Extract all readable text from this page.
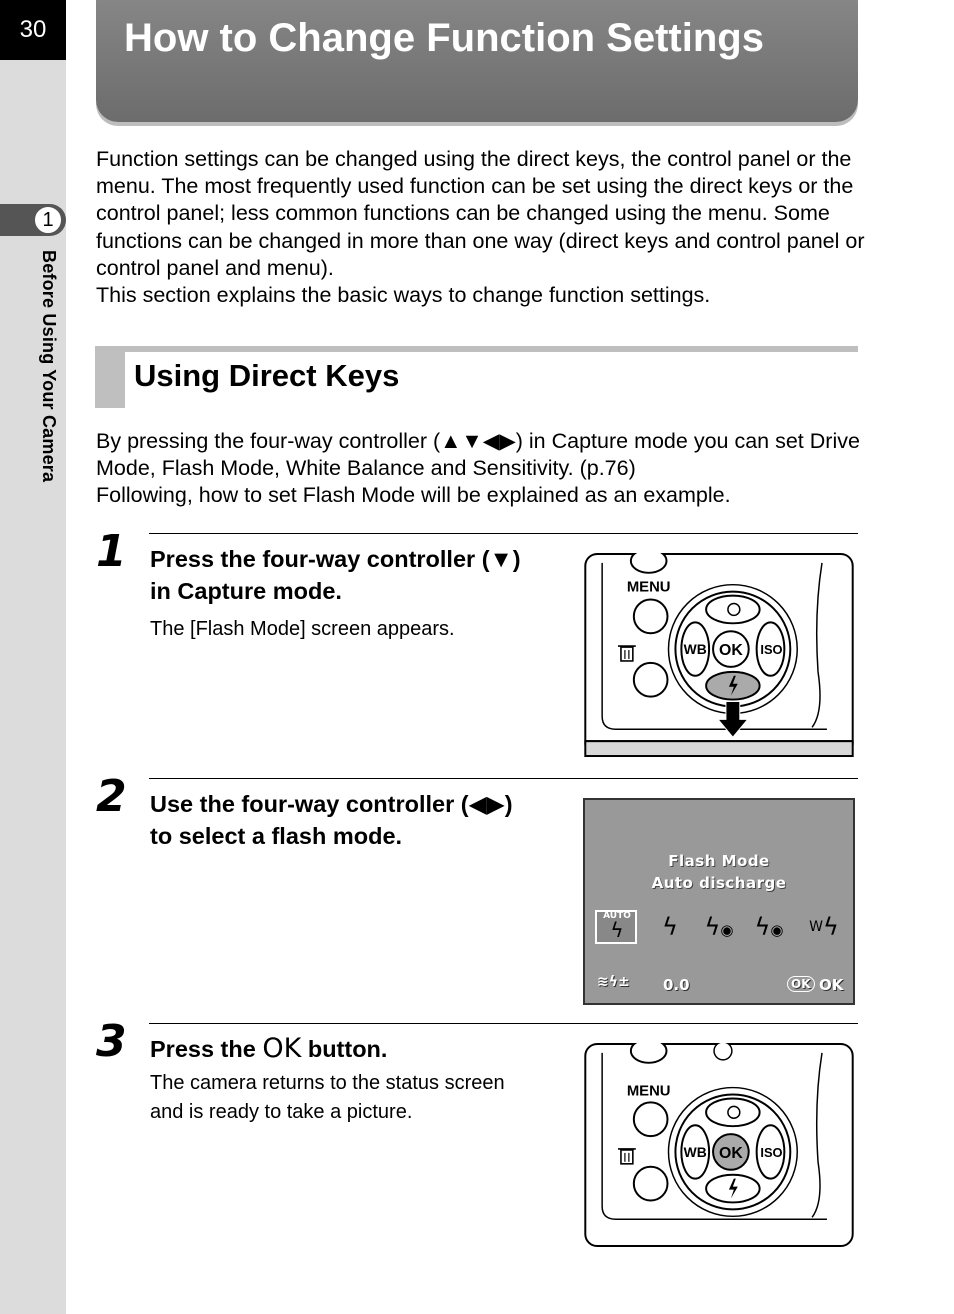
30
1
Before Using Your Camera
How to Change Function Settings

Function settings can be changed using the direct keys, the control panel or the menu. The most frequently used function can be set using the direct keys or the control panel; less common functions can be changed using the menu. Some functions can be changed in more than one way (direct keys and control panel or control panel and menu).

This section explains the basic ways to change function settings.

Using Direct Keys

By pressing the four-way controller (▲▼◀▶) in Capture mode you can set Drive Mode, Flash Mode, White Balance and Sensitivity. (p.76)

Following, how to set Flash Mode will be explained as an example.

1 Press the four-way controller (▼)

in Capture mode.

The [Flash Mode] screen appears.

MENU
WB	ISO
OK
2 Use the four-way controller (◀▶)

to select a flash mode.

Flash Mode
Auto discharge
AUTO
ϟ	ϟ ϟ◉ ϟ◉	$^W$ϟ
≋ϟ± 0.0	OK OK
3 Press the OK button.

The camera returns to the status screen

and is ready to take a picture.

MENU
WB	ISO
OK
